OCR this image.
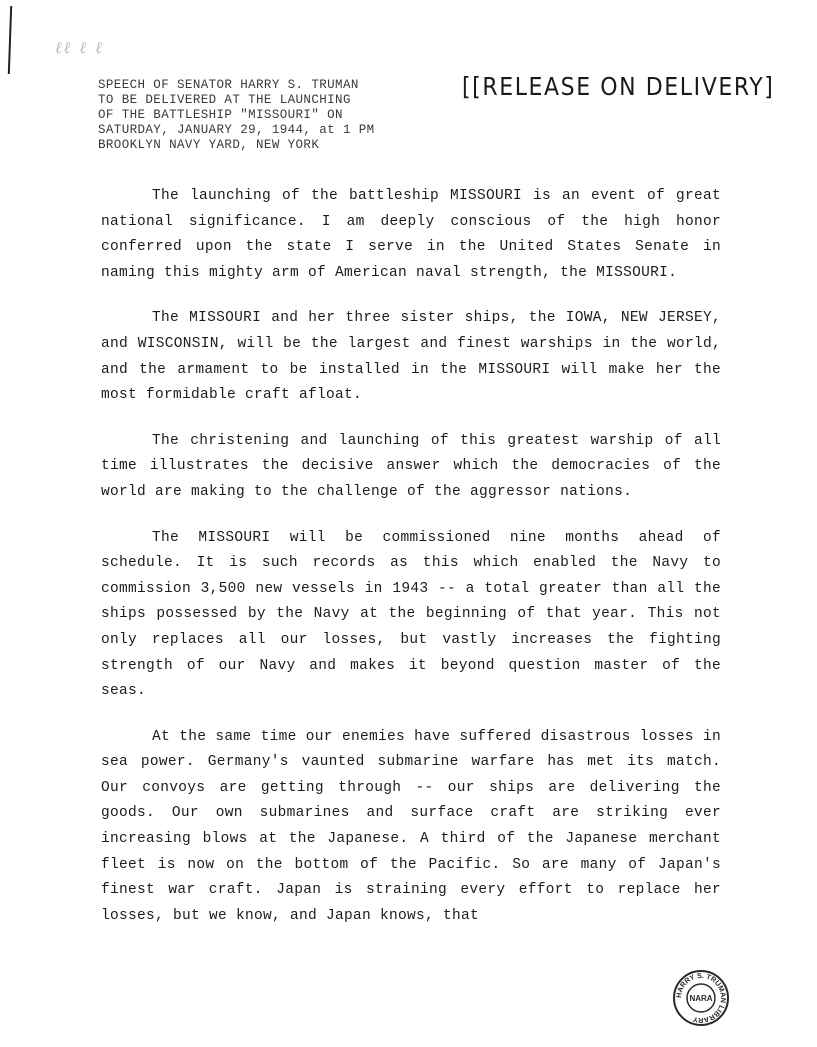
ℓℓ ℓ ℓ
SPEECH OF SENATOR HARRY S. TRUMAN
TO BE DELIVERED AT THE LAUNCHING
OF THE BATTLESHIP "MISSOURI" ON
SATURDAY, JANUARY 29, 1944, at 1 PM
BROOKLYN NAVY YARD, NEW YORK
[[RELEASE ON DELIVERY]

The launching of the battleship MISSOURI is an event of great national significance. I am deeply conscious of the high honor conferred upon the state I serve in the United States Senate in naming this mighty arm of American naval strength, the MISSOURI.

The MISSOURI and her three sister ships, the IOWA, NEW JERSEY, and WISCONSIN, will be the largest and finest warships in the world, and the armament to be installed in the MISSOURI will make her the most formidable craft afloat.

The christening and launching of this greatest warship of all time illustrates the decisive answer which the democracies of the world are making to the challenge of the aggressor nations.

The MISSOURI will be commissioned nine months ahead of schedule. It is such records as this which enabled the Navy to commission 3,500 new vessels in 1943 -- a total greater than all the ships possessed by the Navy at the beginning of that year. This not only replaces all our losses, but vastly increases the fighting strength of our Navy and makes it beyond question master of the seas.

At the same time our enemies have suffered disastrous losses in sea power. Germany's vaunted submarine warfare has met its match. Our convoys are getting through -- our ships are delivering the goods. Our own submarines and surface craft are striking ever increasing blows at the Japanese. A third of the Japanese merchant fleet is now on the bottom of the Pacific. So are many of Japan's finest war craft. Japan is straining every effort to replace her losses, but we know, and Japan knows, that

HARRY S. TRUMAN LIBRARY
NARA
